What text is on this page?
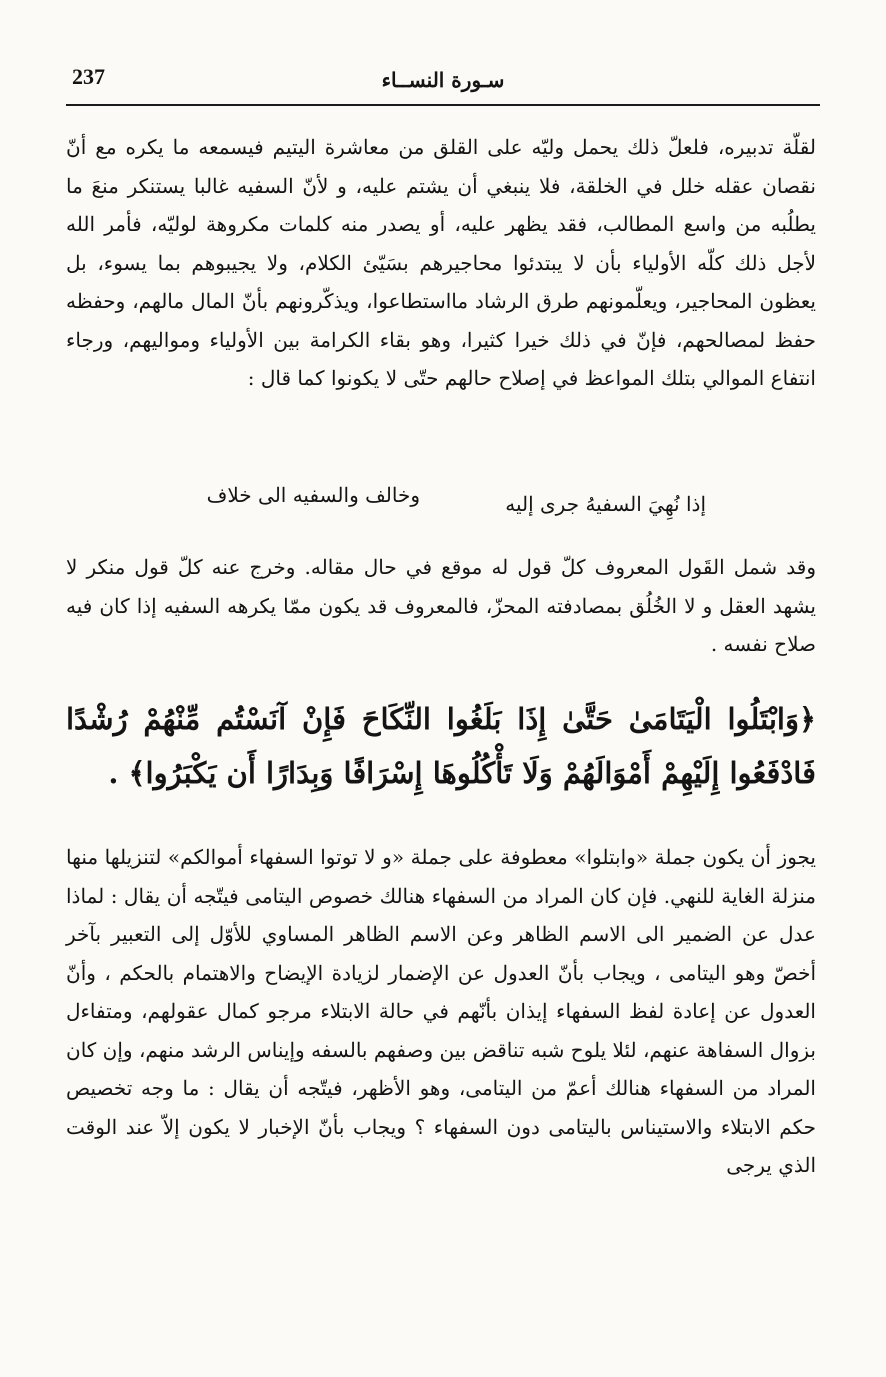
237	سـورة النســاء

لقلّة تدبيره، فلعلّ ذلك يحمل وليّه على القلق من معاشرة اليتيم فيسمعه ما يكره مع أنّ نقصان عقله خلل في الخلقة، فلا ينبغي أن يشتم عليه، و لأنّ السفيه غالبا يستنكر منعَ ما يطلُبه من واسع المطالب، فقد يظهر عليه، أو يصدر منه كلمات مكروهة لوليّه، فأمر الله لأجل ذلك كلّه الأولياء بأن لا يبتدئوا محاجيرهم بسَيّئ الكلام، ولا يجيبوهم بما يسوء، بل يعظون المحاجير، ويعلّمونهم طرق الرشاد مااستطاعوا، ويذكّرونهم بأنّ المال مالهم، وحفظه حفظ لمصالحهم، فإنّ في ذلك خيرا كثيرا، وهو بقاء الكرامة بين الأولياء ومواليهم، ورجاء انتفاع الموالي بتلك المواعظ في إصلاح حالهم حتّى لا يكونوا كما قال :

إذا نُهِيَ السفيهُ جرى إليه
وخالف والسفيه الى خلاف

وقد شمل القَول المعروف كلّ قول له موقع في حال مقاله. وخرج عنه كلّ قول منكر لا يشهد العقل و لا الخُلُق بمصادفته المحزّ، فالمعروف قد يكون ممّا يكرهه السفيه إذا كان فيه صلاح نفسه .

﴿وَابْتَلُوا الْيَتَامَىٰ حَتَّىٰ إِذَا بَلَغُوا النِّكَاحَ فَإِنْ آنَسْتُم مِّنْهُمْ رُشْدًا فَادْفَعُوا إِلَيْهِمْ أَمْوَالَهُمْ وَلَا تَأْكُلُوهَا إِسْرَافًا وَبِدَارًا أَن يَكْبَرُوا﴾ .

يجوز أن يكون جملة «وابتلوا» معطوفة على جملة «و لا توتوا السفهاء أموالكم» لتنزيلها منها منزلة الغاية للنهي. فإن كان المراد من السفهاء هنالك خصوص اليتامى فيتّجه أن يقال : لماذا عدل عن الضمير الى الاسم الظاهر وعن الاسم الظاهر المساوي للأوّل إلى التعبير بآخر أخصّ وهو اليتامى ، ويجاب بأنّ العدول عن الإضمار لزيادة الإيضاح والاهتمام بالحكم ، وأنّ العدول عن إعادة لفظ السفهاء إيذان بأنّهم في حالة الابتلاء مرجو كمال عقولهم، ومتفاءل بزوال السفاهة عنهم، لئلا يلوح شبه تناقض بين وصفهم بالسفه وإيناس الرشد منهم، وإن كان المراد من السفهاء هنالك أعمّ من اليتامى، وهو الأظهر، فيتّجه أن يقال : ما وجه تخصيص حكم الابتلاء والاستيناس باليتامى دون السفهاء ؟ ويجاب بأنّ الإخبار لا يكون إلاّ عند الوقت الذي يرجى
